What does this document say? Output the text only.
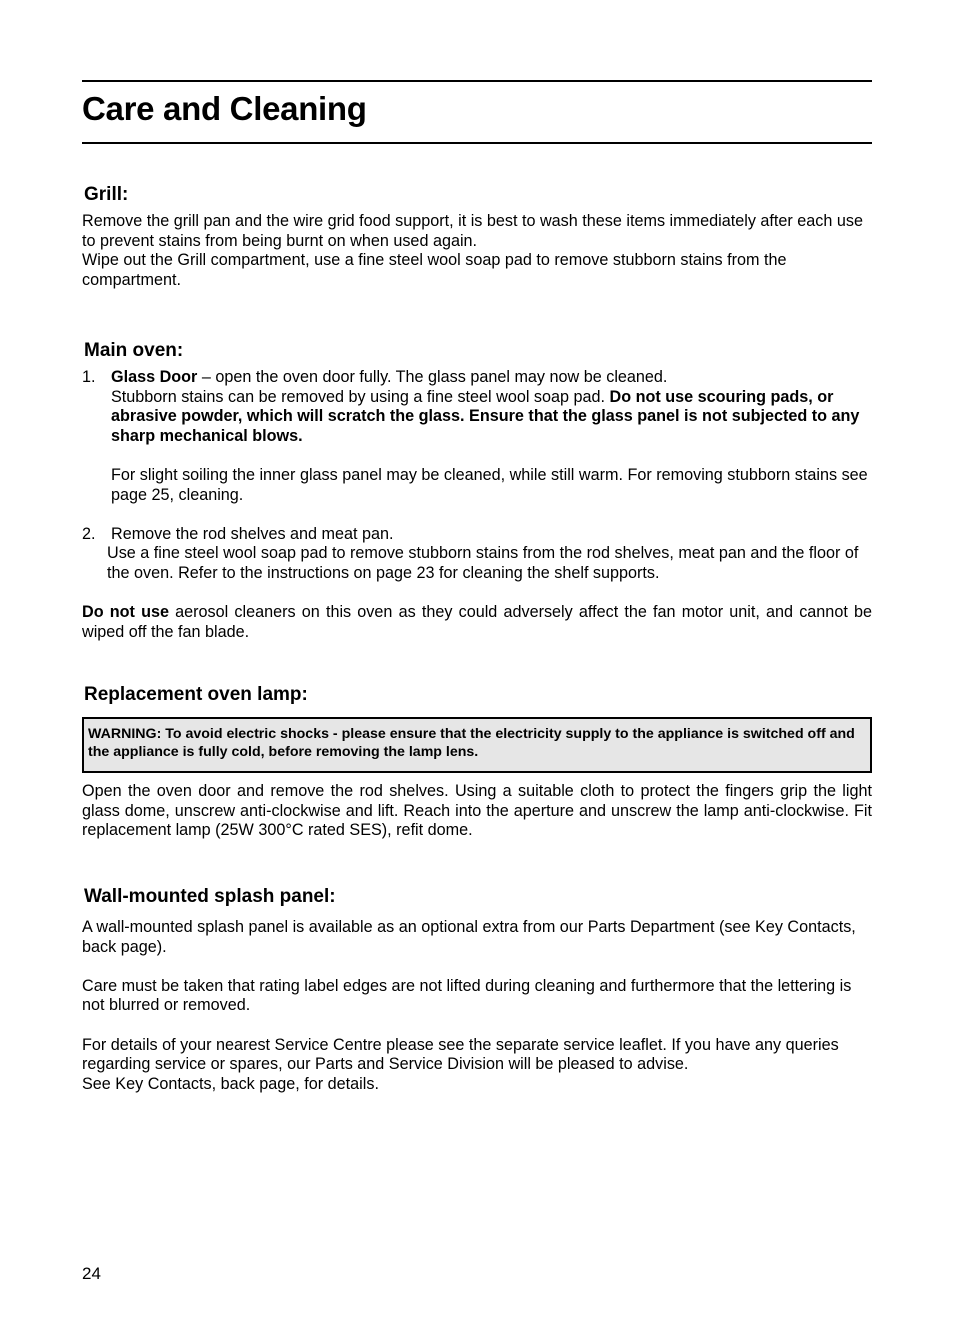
Care and Cleaning
Grill:

Remove the grill pan and the wire grid food support, it is best to wash these items immediately after each use to prevent stains from being burnt on when used again.

Wipe out the Grill compartment, use a fine steel wool soap pad to remove stubborn stains from the compartment.

Main oven:
1. Glass Door – open the oven door fully. The glass panel may now be cleaned.
Stubborn stains can be removed by using a fine steel wool soap pad. Do not use scouring pads, or abrasive powder, which will scratch the glass. Ensure that the glass panel is not subjected to any sharp mechanical blows.
For slight soiling the inner glass panel may be cleaned, while still warm. For removing stubborn stains see page 25, cleaning.
2. Remove the rod shelves and meat pan.

Use a fine steel wool soap pad to remove stubborn stains from the rod shelves, meat pan and the floor of the oven. Refer to the instructions on page 23 for cleaning the shelf supports.

Do not use aerosol cleaners on this oven as they could adversely affect the fan motor unit, and cannot be wiped off the fan blade.

Replacement oven lamp:
WARNING: To avoid electric shocks - please ensure that the electricity supply to the appliance is switched off and the appliance is fully cold, before removing the lamp lens.

Open the oven door and remove the rod shelves. Using a suitable cloth to protect the fingers grip the light glass dome, unscrew anti-clockwise and lift. Reach into the aperture and unscrew the lamp anti-clockwise. Fit replacement lamp (25W 300°C rated SES), refit dome.

Wall-mounted splash panel:

A wall-mounted splash panel is available as an optional extra from our Parts Department (see Key Contacts, back page).

Care must be taken that rating label edges are not lifted during cleaning and furthermore that the lettering is not blurred or removed.

For details of your nearest Service Centre please see the separate service leaflet. If you have any queries regarding service or spares, our Parts and Service Division will be pleased to advise.

See Key Contacts, back page, for details.

24
